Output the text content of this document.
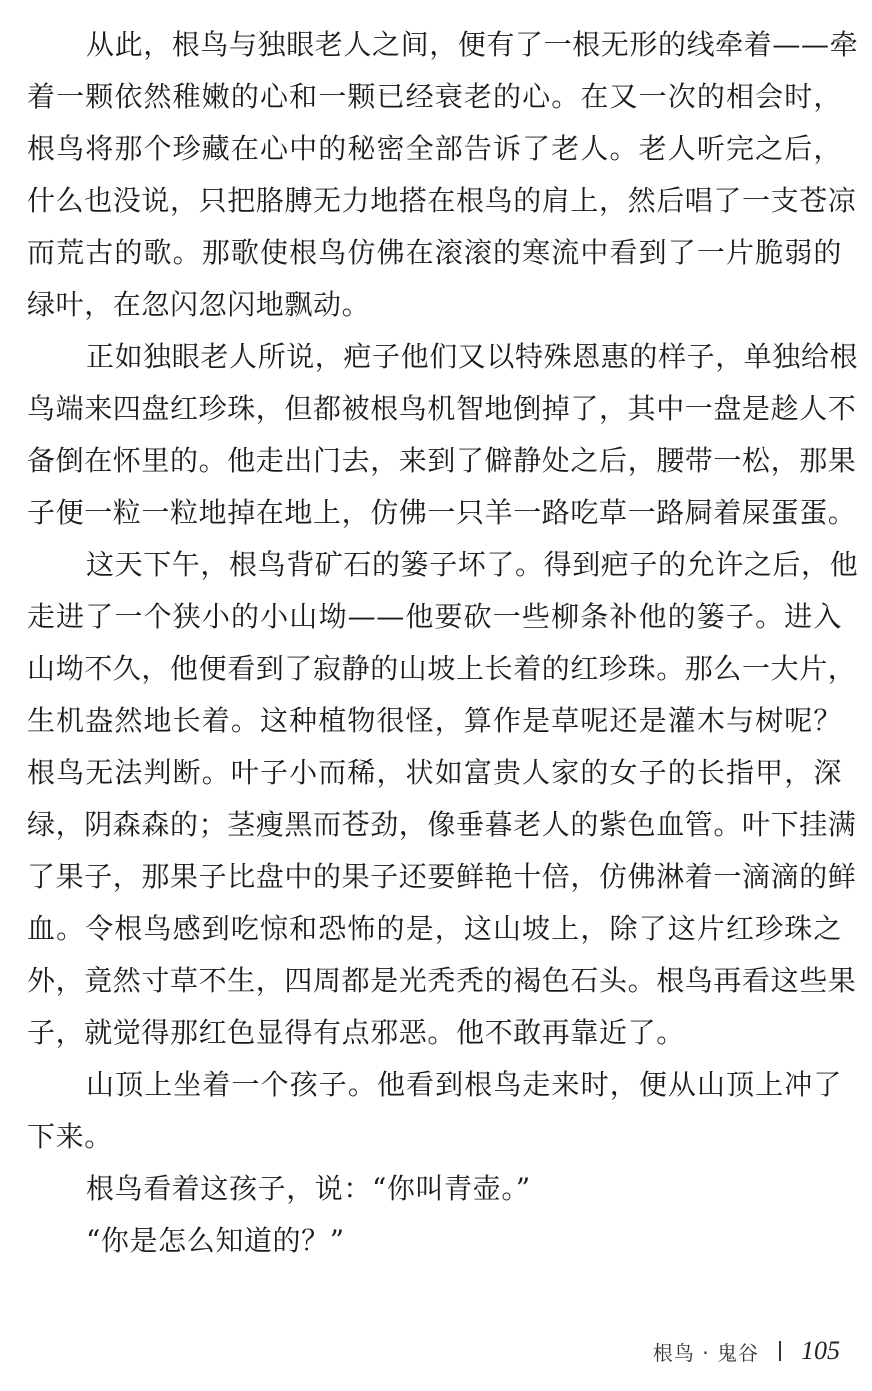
从此，根鸟与独眼老人之间，便有了一根无形的线牵着——牵
着一颗依然稚嫩的心和一颗已经衰老的心。在又一次的相会时，
根鸟将那个珍藏在心中的秘密全部告诉了老人。老人听完之后，
什么也没说，只把胳膊无力地搭在根鸟的肩上，然后唱了一支苍凉
而荒古的歌。那歌使根鸟仿佛在滚滚的寒流中看到了一片脆弱的
绿叶，在忽闪忽闪地飘动。
正如独眼老人所说，疤子他们又以特殊恩惠的样子，单独给根
鸟端来四盘红珍珠，但都被根鸟机智地倒掉了，其中一盘是趁人不
备倒在怀里的。他走出门去，来到了僻静处之后，腰带一松，那果
子便一粒一粒地掉在地上，仿佛一只羊一路吃草一路屙着屎蛋蛋。
这天下午，根鸟背矿石的篓子坏了。得到疤子的允许之后，他
走进了一个狭小的小山坳——他要砍一些柳条补他的篓子。进入
山坳不久，他便看到了寂静的山坡上长着的红珍珠。那么一大片，
生机盎然地长着。这种植物很怪，算作是草呢还是灌木与树呢？
根鸟无法判断。叶子小而稀，状如富贵人家的女子的长指甲，深
绿，阴森森的；茎瘦黑而苍劲，像垂暮老人的紫色血管。叶下挂满
了果子，那果子比盘中的果子还要鲜艳十倍，仿佛淋着一滴滴的鲜
血。令根鸟感到吃惊和恐怖的是，这山坡上，除了这片红珍珠之
外，竟然寸草不生，四周都是光秃秃的褐色石头。根鸟再看这些果
子，就觉得那红色显得有点邪恶。他不敢再靠近了。
山顶上坐着一个孩子。他看到根鸟走来时，便从山顶上冲了
下来。
根鸟看着这孩子，说：“你叫青壶。”
“你是怎么知道的？”
根鸟 · 鬼谷 105
